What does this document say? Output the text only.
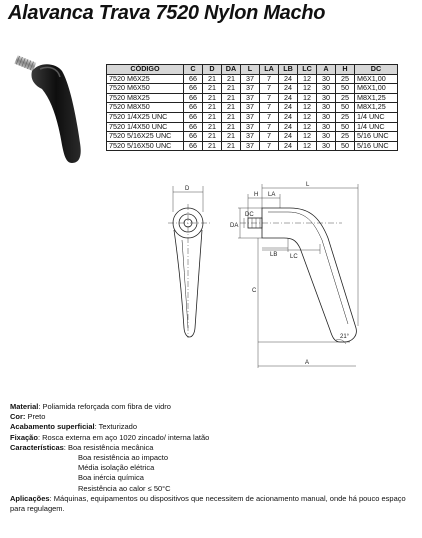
Alavanca Trava 7520 Nylon Macho
CÓDIGO	C	D	DA	L	LA	LB	LC	A	H	DC
7520 M6X25	66	21	21	37	7	24	12	30	25	M6X1,00
7520 M6X50	66	21	21	37	7	24	12	30	50	M6X1,00
7520 M8X25	66	21	21	37	7	24	12	30	25	M8X1,25
7520 M8X50	66	21	21	37	7	24	12	30	50	M8X1,25
7520 1/4X25 UNC	66	21	21	37	7	24	12	30	25	1/4 UNC
7520 1/4X50 UNC	66	21	21	37	7	24	12	30	50	1/4 UNC
7520 5/16X25 UNC	66	21	21	37	7	24	12	30	25	5/16 UNC
7520 5/16X50 UNC	66	21	21	37	7	24	12	30	50	5/16 UNC
D
H LA
L
DA
DC
LB LC
C
A
21°
Material: Poliamida reforçada com fibra de vidro
Cor: Preto
Acabamento superficial: Texturizado
Fixação: Rosca externa em aço 1020 zincado/ interna latão
Características: Boa resistência mecânica
Boa resistência ao impacto
Média isolação elétrica
Boa inércia química
Resistência ao calor ≤ 50°C
Aplicações: Máquinas, equipamentos ou dispositivos que necessitem de acionamento manual, onde há pouco espaço para regulagem.
